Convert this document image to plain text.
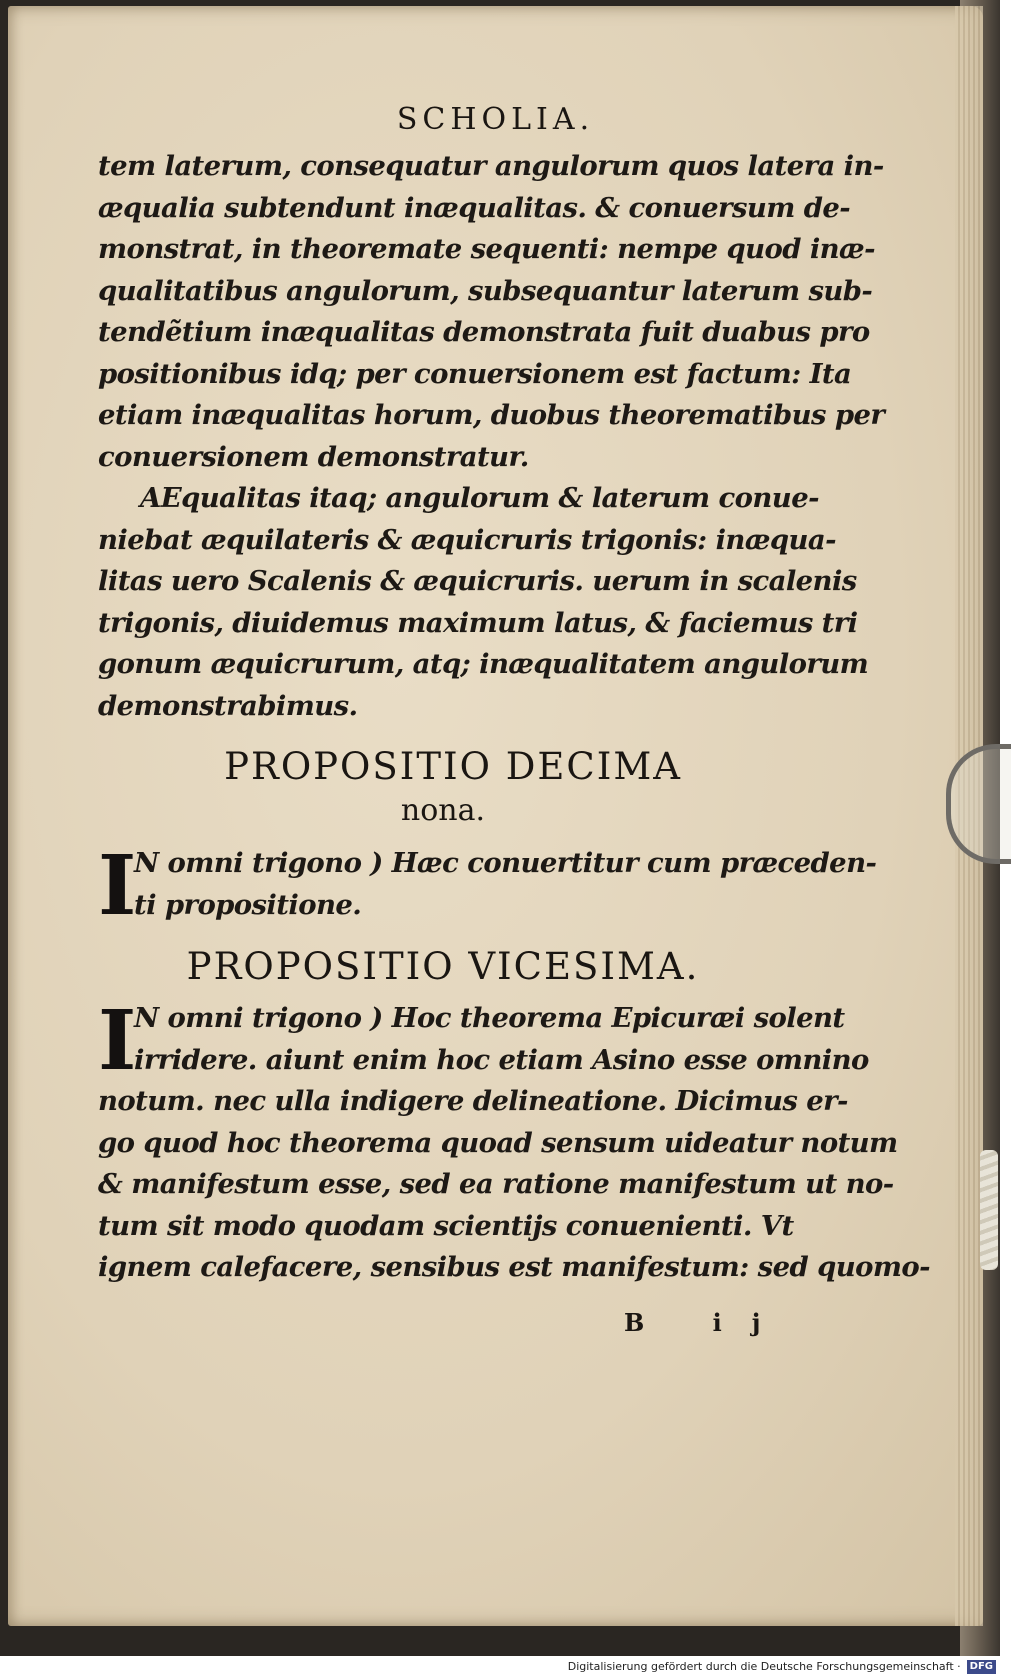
SCHOLIA.
tem laterum, consequatur angulorum quos latera in-
æqualia subtendunt inæqualitas. & conuersum de-
monstrat, in theoremate sequenti: nempe quod inæ-
qualitatibus angulorum, subsequantur laterum sub-
tendẽtium inæqualitas demonstrata fuit duabus pro
positionibus idq; per conuersionem est factum: Ita
etiam inæqualitas horum, duobus theorematibus per
conuersionem demonstratur.
AEqualitas itaq; angulorum & laterum conue-
niebat æquilateris & æquicruris trigonis: inæqua-
litas uero Scalenis & æquicruris. uerum in scalenis
trigonis, diuidemus maximum latus, & faciemus tri
gonum æquicrurum, atq; inæqualitatem angulorum
demonstrabimus.
PROPOSITIO DECIMA
nona.
I
N omni trigono ) Hæc conuertitur cum præceden-
ti propositione.
PROPOSITIO VICESIMA.
I
N omni trigono ) Hoc theorema Epicuræi solent
irridere. aiunt enim hoc etiam Asino esse omnino
notum. nec ulla indigere delineatione. Dicimus er-
go quod hoc theorema quoad sensum uideatur notum
& manifestum esse, sed ea ratione manifestum ut no-
tum sit modo quodam scientijs conuenienti. Vt
ignem calefacere, sensibus est manifestum: sed quomo-
B ij
Digitalisierung gefördert durch die Deutsche Forschungsgemeinschaft · DFG
